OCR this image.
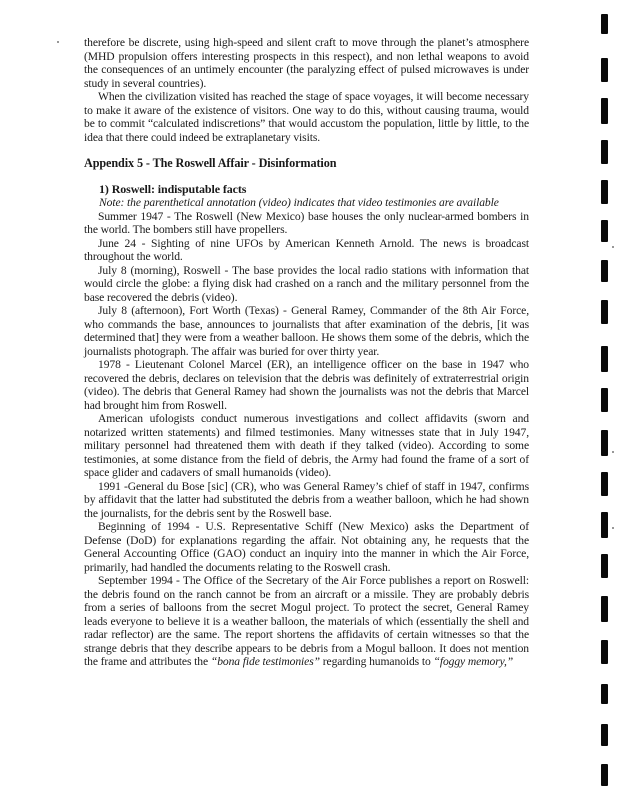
therefore be discrete, using high-speed and silent craft to move through the planet’s atmosphere (MHD propulsion offers interesting prospects in this respect), and non lethal weapons to avoid the consequences of an untimely encounter (the paralyzing effect of pulsed microwaves is under study in several countries).

When the civilization visited has reached the stage of space voyages, it will become necessary to make it aware of the existence of visitors. One way to do this, without causing trauma, would be to commit “calculated indiscretions” that would accustom the population, little by little, to the idea that there could indeed be extraplanetary visits.

Appendix 5 - The Roswell Affair - Disinformation
1) Roswell: indisputable facts

Note: the parenthetical annotation (video) indicates that video testimonies are available

Summer 1947 - The Roswell (New Mexico) base houses the only nuclear-armed bombers in the world. The bombers still have propellers.

June 24 - Sighting of nine UFOs by American Kenneth Arnold. The news is broadcast throughout the world.

July 8 (morning), Roswell - The base provides the local radio stations with information that would circle the globe: a flying disk had crashed on a ranch and the military personnel from the base recovered the debris (video).

July 8 (afternoon), Fort Worth (Texas) - General Ramey, Commander of the 8th Air Force, who commands the base, announces to journalists that after examination of the debris, [it was determined that] they were from a weather balloon. He shows them some of the debris, which the journalists photograph. The affair was buried for over thirty year.

1978 - Lieutenant Colonel Marcel (ER), an intelligence officer on the base in 1947 who recovered the debris, declares on television that the debris was definitely of extraterrestrial origin (video). The debris that General Ramey had shown the journalists was not the debris that Marcel had brought him from Roswell.

American ufologists conduct numerous investigations and collect affidavits (sworn and notarized written statements) and filmed testimonies. Many witnesses state that in July 1947, military personnel had threatened them with death if they talked (video). According to some testimonies, at some distance from the field of debris, the Army had found the frame of a sort of space glider and cadavers of small humanoids (video).

1991 -General du Bose [sic] (CR), who was General Ramey’s chief of staff in 1947, confirms by affidavit that the latter had substituted the debris from a weather balloon, which he had shown the journalists, for the debris sent by the Roswell base.

Beginning of 1994 - U.S. Representative Schiff (New Mexico) asks the Department of Defense (DoD) for explanations regarding the affair. Not obtaining any, he requests that the General Accounting Office (GAO) conduct an inquiry into the manner in which the Air Force, primarily, had handled the documents relating to the Roswell crash.

September 1994 - The Office of the Secretary of the Air Force publishes a report on Roswell: the debris found on the ranch cannot be from an aircraft or a missile. They are probably debris from a series of balloons from the secret Mogul project. To protect the secret, General Ramey leads everyone to believe it is a weather balloon, the materials of which (essentially the shell and radar reflector) are the same. The report shortens the affidavits of certain witnesses so that the strange debris that they describe appears to be debris from a Mogul balloon. It does not mention the frame and attributes the “bona fide testimonies” regarding humanoids to “foggy memory,”
